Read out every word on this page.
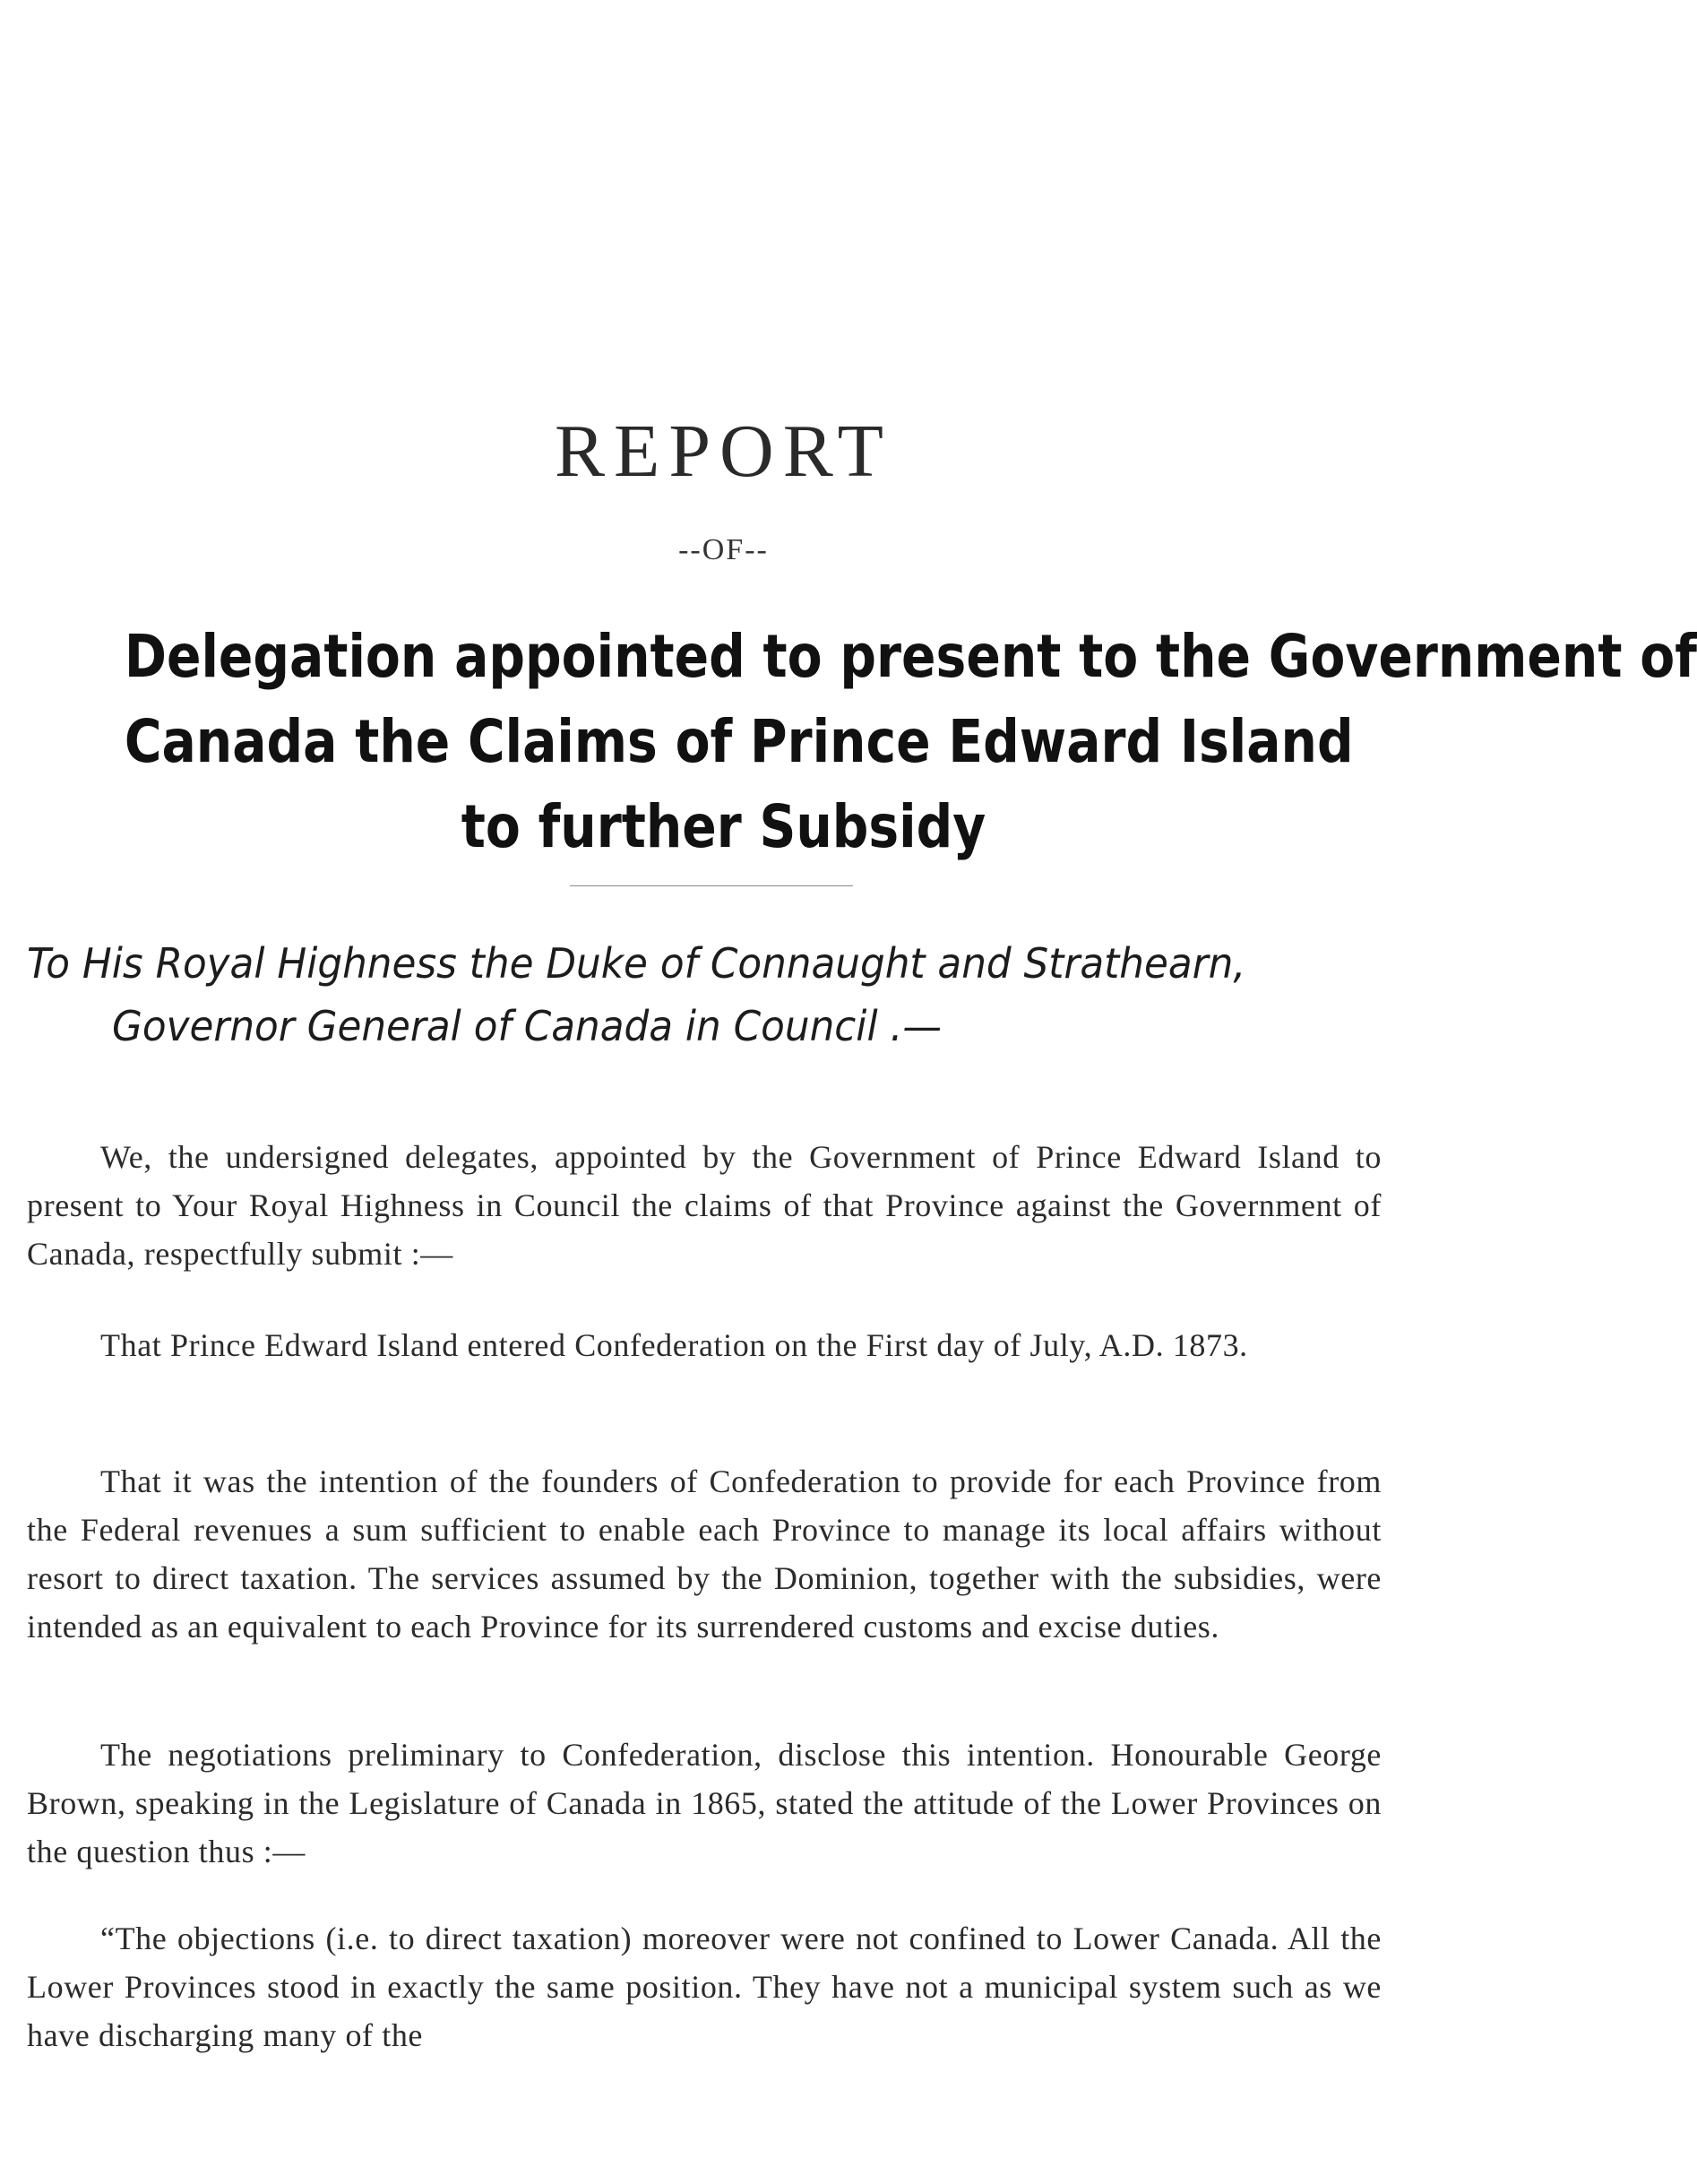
REPORT
--OF--
Delegation appointed to present to the Government of
Canada the Claims of Prince Edward Island
to further Subsidy
To His Royal Highness the Duke of Connaught and Strathearn,
Governor General of Canada in Council .—

We, the undersigned delegates, appointed by the Government of Prince Edward Island to present to Your Royal Highness in Council the claims of that Province against the Government of Canada, respectfully submit :—

That Prince Edward Island entered Confederation on the First day of July, A.D. 1873.

That it was the intention of the founders of Confederation to provide for each Province from the Federal revenues a sum sufficient to enable each Province to manage its local affairs without resort to direct taxation. The services assumed by the Dominion, together with the subsidies, were intended as an equivalent to each Province for its surrendered customs and excise duties.

The negotiations preliminary to Confederation, disclose this intention. Honourable George Brown, speaking in the Legislature of Canada in 1865, stated the attitude of the Lower Provinces on the question thus :—

“The objections (i.e. to direct taxation) moreover were not confined to Lower Canada. All the Lower Provinces stood in exactly the same position. They have not a municipal system such as we have discharging many of the
